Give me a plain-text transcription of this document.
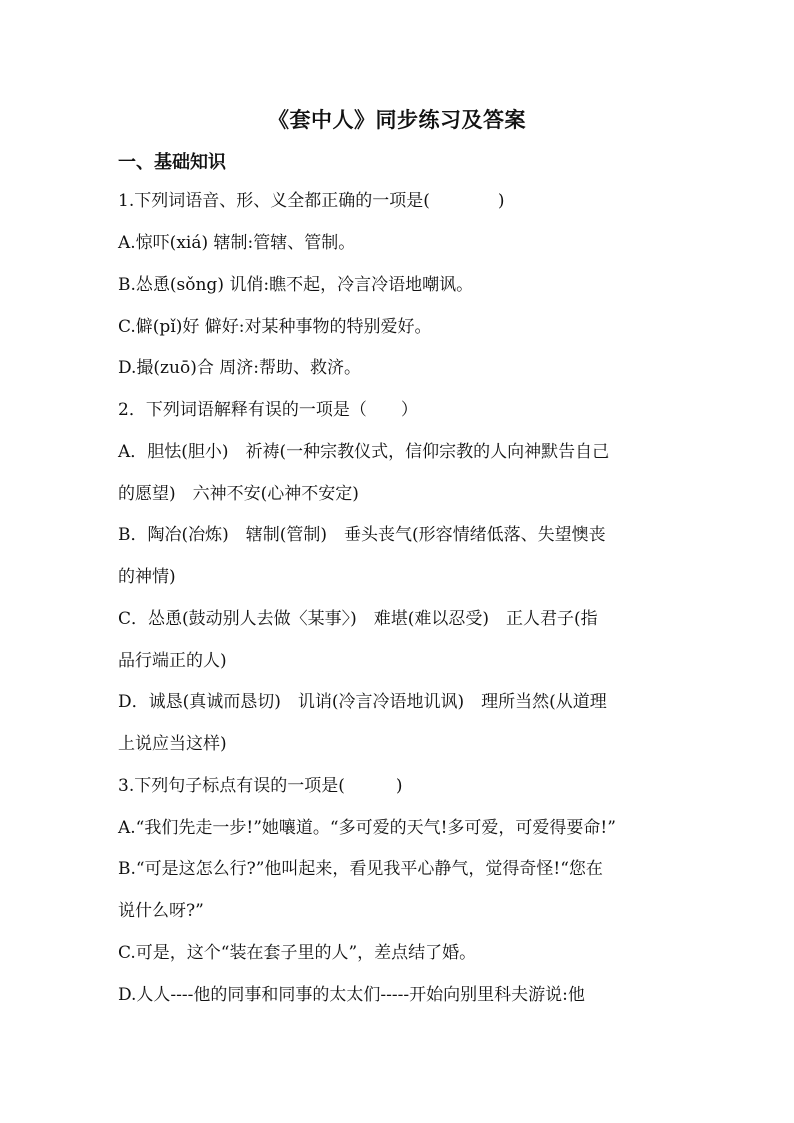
《套中人》同步练习及答案
一、基础知识
1.下列词语音、形、义全都正确的一项是(　　　　)
A.惊吓(xiá) 辖制:管辖、管制。
B.怂恿(sǒng) 讥俏:瞧不起，冷言冷语地嘲讽。
C.僻(pǐ)好 僻好:对某种事物的特别爱好。
D.撮(zuō)合 周济:帮助、救济。
2．下列词语解释有误的一项是（　　）
A．胆怯(胆小)　祈祷(一种宗教仪式，信仰宗教的人向神默告自己
的愿望)　六神不安(心神不安定)
B．陶冶(冶炼)　辖制(管制)　垂头丧气(形容情绪低落、失望懊丧
的神情)
C．怂恿(鼓动别人去做〈某事〉)　难堪(难以忍受)　正人君子(指
品行端正的人)
D．诚恳(真诚而恳切)　讥诮(冷言冷语地讥讽)　理所当然(从道理
上说应当这样)
3.下列句子标点有误的一项是(　　　)
A.“我们先走一步!”她嚷道。“多可爱的天气!多可爱，可爱得要命!”
B.“可是这怎么行?”他叫起来，看见我平心静气，觉得奇怪!“您在
说什么呀?”
C.可是，这个“装在套子里的人”，差点结了婚。
D.人人----他的同事和同事的太太们-----开始向别里科夫游说:他
